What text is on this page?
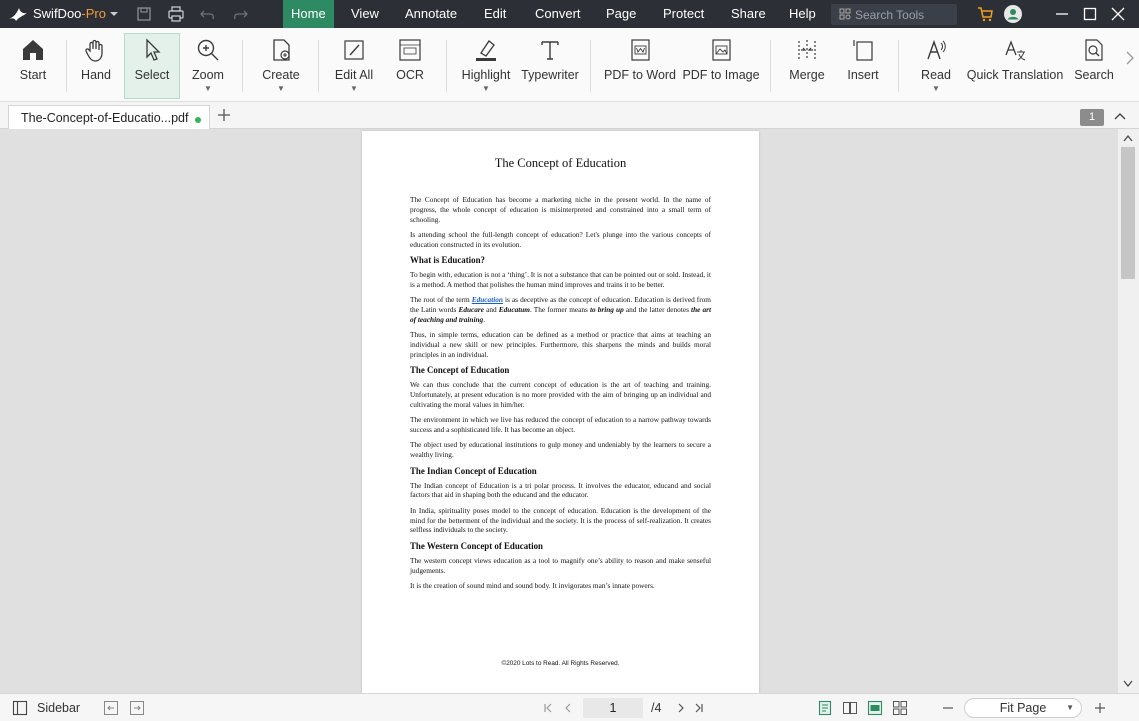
SwifDoo-Pro	Home	View	Annotate	Edit	Convert	Page	Protect	Share	Help
Search Tools
Start	Hand Select Zoom
▼
Create
▼
Edit All
▼
OCR	Highlight
▼
Typewriter PDF to Word PDF to Image Merge Insert	Read
▼
Quick Translation Search
The-Concept-of-Educatio...pdf	1
The Concept of Education

The Concept of Education has become a marketing niche in the present world. In the name of progress, the whole concept of education is misinterpreted and constrained into a small term of schooling.

Is attending school the full-length concept of education? Let's plunge into the various concepts of education constructed in its evolution.

What is Education?

To begin with, education is not a ‘thing’. It is not a substance that can be pointed out or sold. Instead, it is a method. A method that polishes the human mind improves and trains it to be better.

The root of the term Education is as deceptive as the concept of education. Education is derived from the Latin words Educare and Educatum. The former means to bring up and the latter denotes the art of teaching and training.

Thus, in simple terms, education can be defined as a method or practice that aims at teaching an individual a new skill or new principles. Furthermore, this sharpens the minds and builds moral principles in an individual.

The Concept of Education

We can thus conclude that the current concept of education is the art of teaching and training. Unfortunately, at present education is no more provided with the aim of bringing up an individual and cultivating the moral values in him/her.

The environment in which we live has reduced the concept of education to a narrow pathway towards success and a sophisticated life. It has become an object.

The object used by educational institutions to gulp money and undeniably by the learners to secure a wealthy living.

The Indian Concept of Education

The Indian concept of Education is a tri polar process. It involves the educator, educand and social factors that aid in shaping both the educand and the educator.

In India, spirituality poses model to the concept of education. Education is the development of the mind for the betterment of the individual and the society. It is the process of self-realization. It creates selfless individuals to the society.

The Western Concept of Education

The western concept views education as a tool to magnify one’s ability to reason and make senseful judgements.

It is the creation of sound mind and sound body. It invigorates man’s innate powers.

©2020 Lots to Read. All Rights Reserved.
Sidebar
1	/4	Fit Page ▼
